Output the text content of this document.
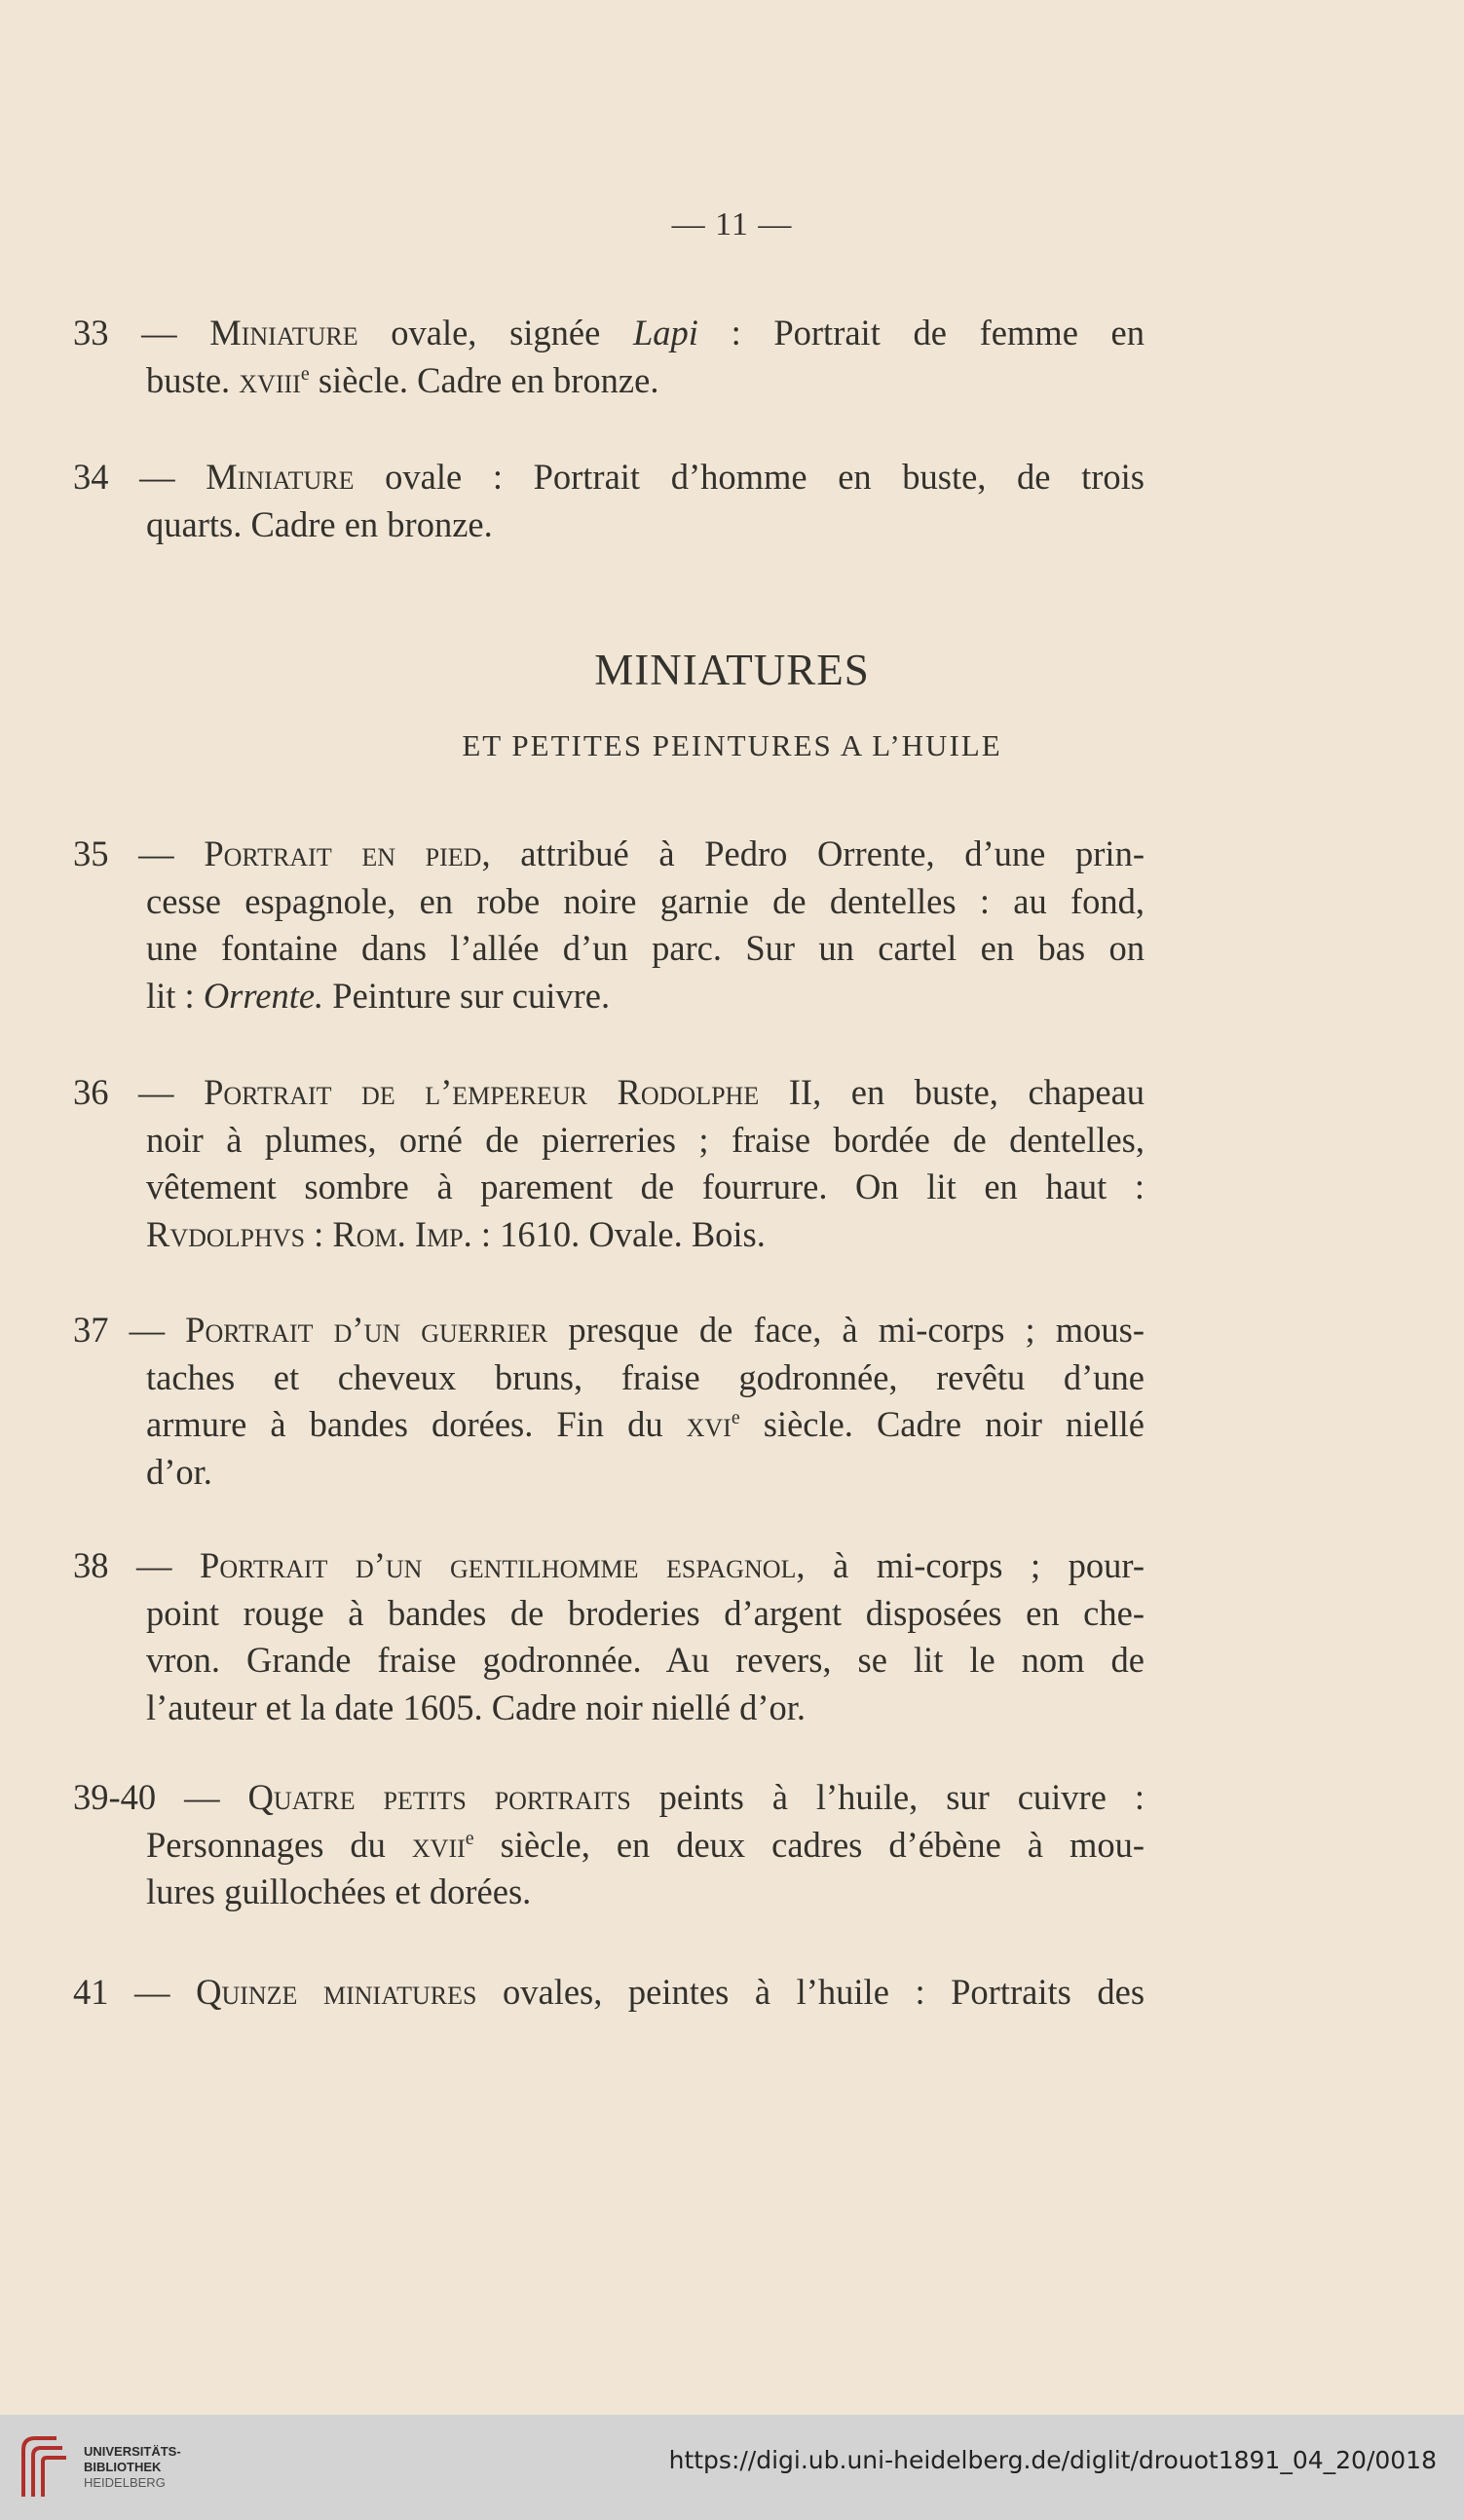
— 11 —
33 — Miniature ovale, signée Lapi : Portrait de femme en
buste. xviii$^e$ siècle. Cadre en bronze.
34 — Miniature ovale : Portrait d’homme en buste, de trois
quarts. Cadre en bronze.
MINIATURES
ET PETITES PEINTURES A L’HUILE
35 — Portrait en pied, attribué à Pedro Orrente, d’une prin-
cesse espagnole, en robe noire garnie de dentelles : au fond,
une fontaine dans l’allée d’un parc. Sur un cartel en bas on
lit : Orrente. Peinture sur cuivre.
36 — Portrait de l’empereur Rodolphe II, en buste, chapeau
noir à plumes, orné de pierreries ; fraise bordée de dentelles,
vêtement sombre à parement de fourrure. On lit en haut :
Rvdolphvs : Rom. Imp. : 1610. Ovale. Bois.
37 — Portrait d’un guerrier presque de face, à mi-corps ; mous-
taches et cheveux bruns, fraise godronnée, revêtu d’une
armure à bandes dorées. Fin du xvi$^e$ siècle. Cadre noir niellé
d’or.
38 — Portrait d’un gentilhomme espagnol, à mi-corps ; pour-
point rouge à bandes de broderies d’argent disposées en che-
vron. Grande fraise godronnée. Au revers, se lit le nom de
l’auteur et la date 1605. Cadre noir niellé d’or.
39-40 — Quatre petits portraits peints à l’huile, sur cuivre :
Personnages du xvii$^e$ siècle, en deux cadres d’ébène à mou-
lures guillochées et dorées.
41 — Quinze miniatures ovales, peintes à l’huile : Portraits des
UNIVERSITÄTS-
BIBLIOTHEK
HEIDELBERG
https://digi.ub.uni-heidelberg.de/diglit/drouot1891_04_20/0018
